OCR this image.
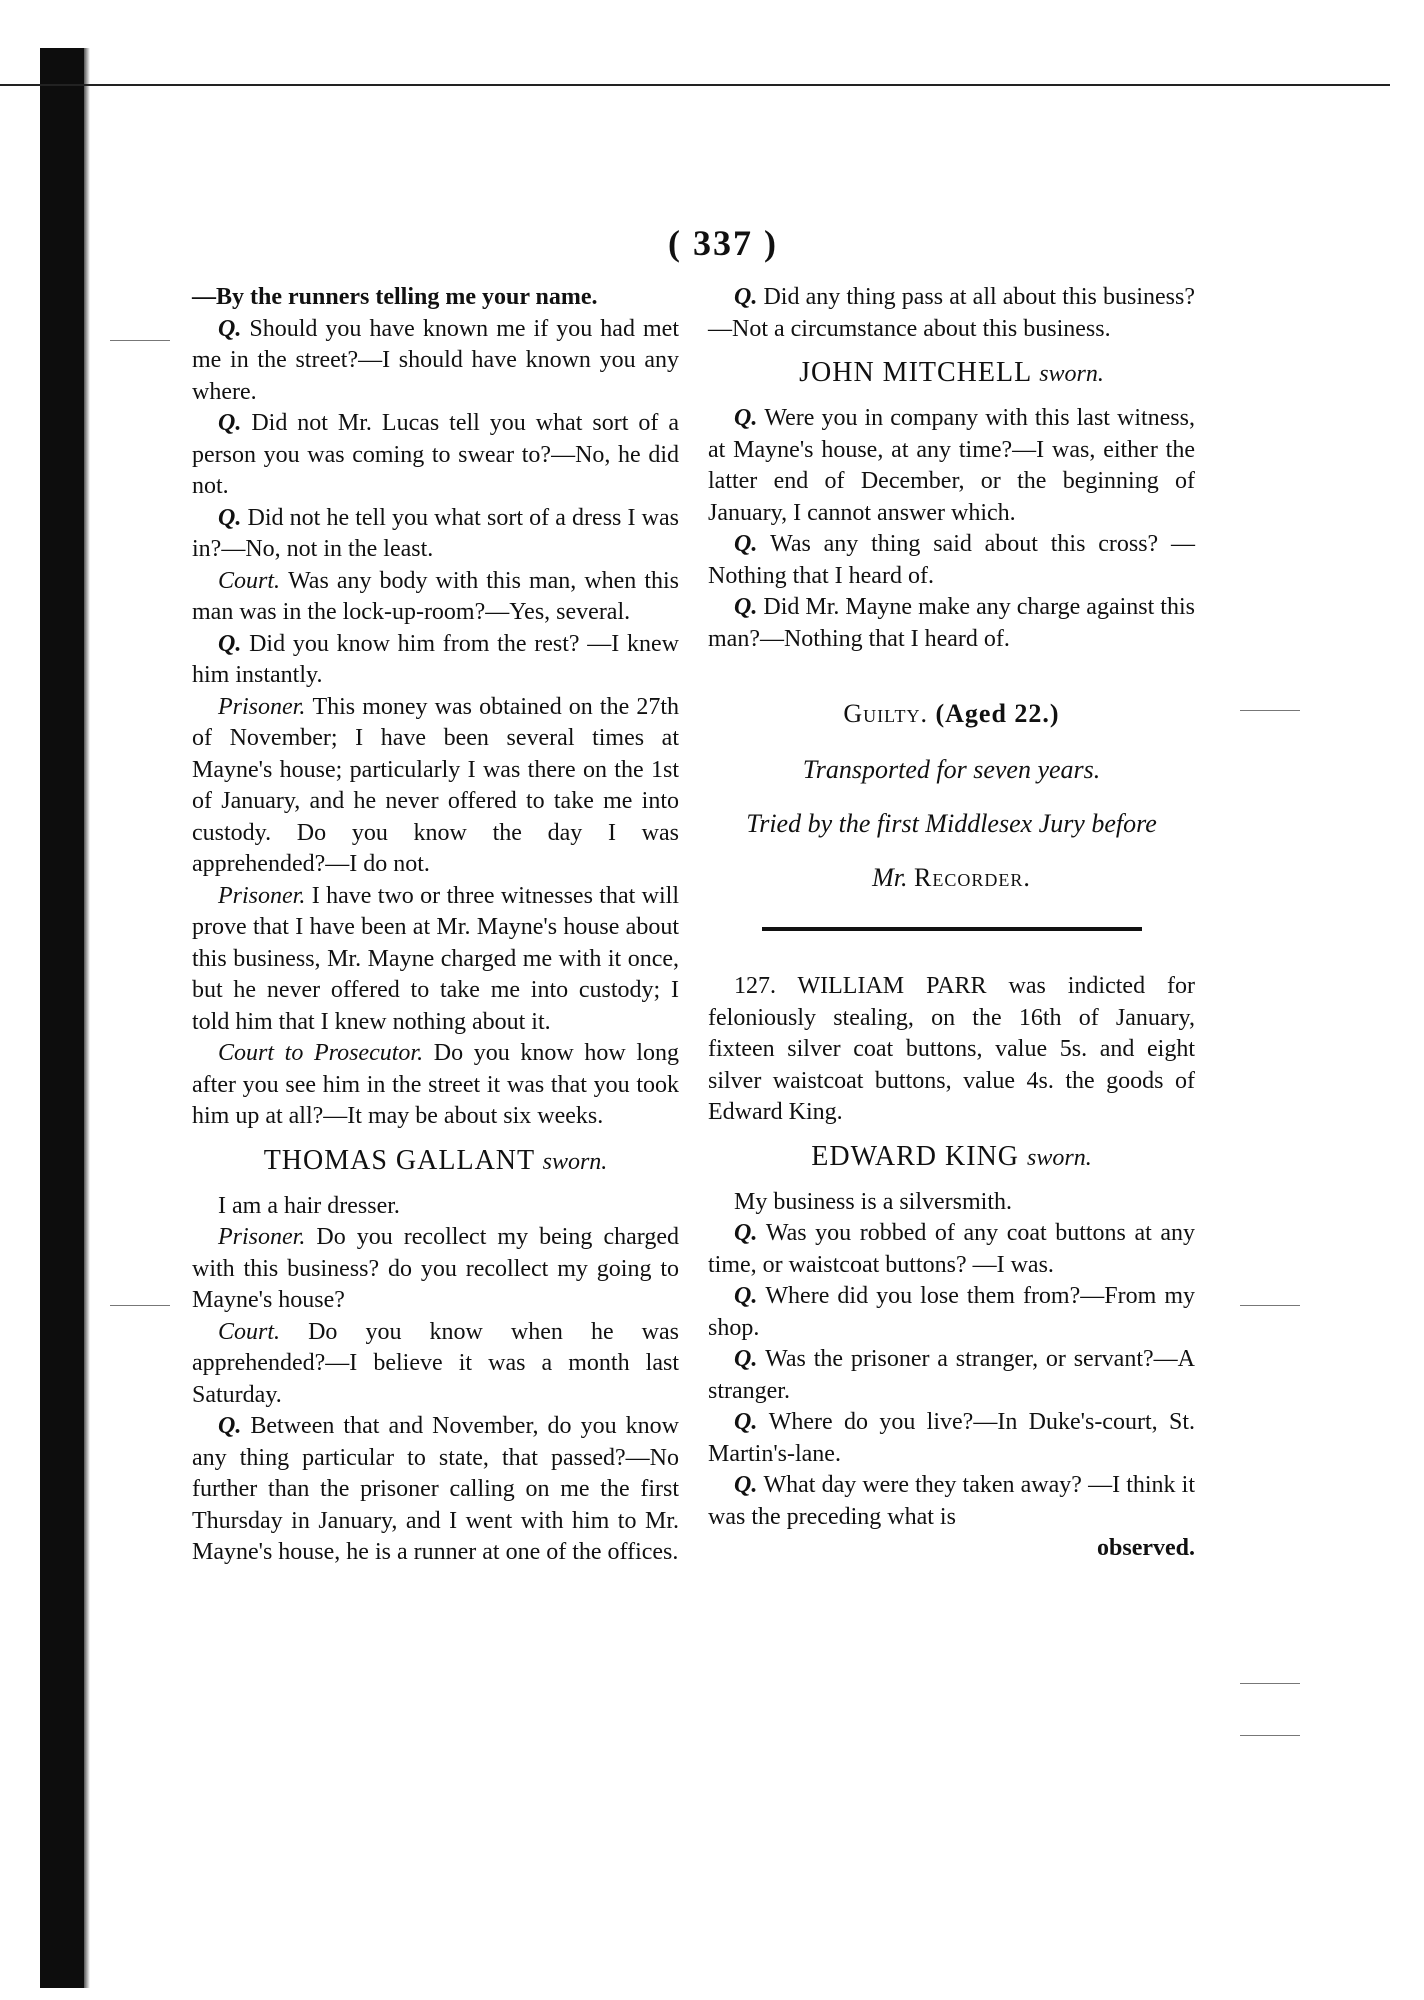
( 337 )

—By the runners telling me your name.

Q. Should you have known me if you had met me in the street?—I should have known you any where.

Q. Did not Mr. Lucas tell you what sort of a person you was coming to swear to?—No, he did not.

Q. Did not he tell you what sort of a dress I was in?—No, not in the least.

Court. Was any body with this man, when this man was in the lock-up-room?—Yes, several.

Q. Did you know him from the rest? —I knew him instantly.

Prisoner. This money was obtained on the 27th of November; I have been several times at Mayne's house; particularly I was there on the 1st of January, and he never offered to take me into custody. Do you know the day I was apprehended?—I do not.

Prisoner. I have two or three witnesses that will prove that I have been at Mr. Mayne's house about this business, Mr. Mayne charged me with it once, but he never offered to take me into custody; I told him that I knew nothing about it.

Court to Prosecutor. Do you know how long after you see him in the street it was that you took him up at all?—It may be about six weeks.

THOMAS GALLANT sworn.

I am a hair dresser.

Prisoner. Do you recollect my being charged with this business? do you recollect my going to Mayne's house?

Court. Do you know when he was apprehended?—I believe it was a month last Saturday.

Q. Between that and November, do you know any thing particular to state, that passed?—No further than the prisoner calling on me the first Thursday in January, and I went with him to Mr. Mayne's house, he is a runner at one of the offices.

Q. Did any thing pass at all about this business?—Not a circumstance about this business.

JOHN MITCHELL sworn.

Q. Were you in company with this last witness, at Mayne's house, at any time?—I was, either the latter end of December, or the beginning of January, I cannot answer which.

Q. Was any thing said about this cross? —Nothing that I heard of.

Q. Did Mr. Mayne make any charge against this man?—Nothing that I heard of.

Guilty. (Aged 22.)

Transported for seven years.

Tried by the first Middlesex Jury before

Mr. Recorder.

127. WILLIAM PARR was indicted for feloniously stealing, on the 16th of January, fixteen silver coat buttons, value 5s. and eight silver waistcoat buttons, value 4s. the goods of Edward King.

EDWARD KING sworn.

My business is a silversmith.

Q. Was you robbed of any coat buttons at any time, or waistcoat buttons? —I was.

Q. Where did you lose them from?—From my shop.

Q. Was the prisoner a stranger, or servant?—A stranger.

Q. Where do you live?—In Duke's-court, St. Martin's-lane.

Q. What day were they taken away? —I think it was the preceding what is

observed.
